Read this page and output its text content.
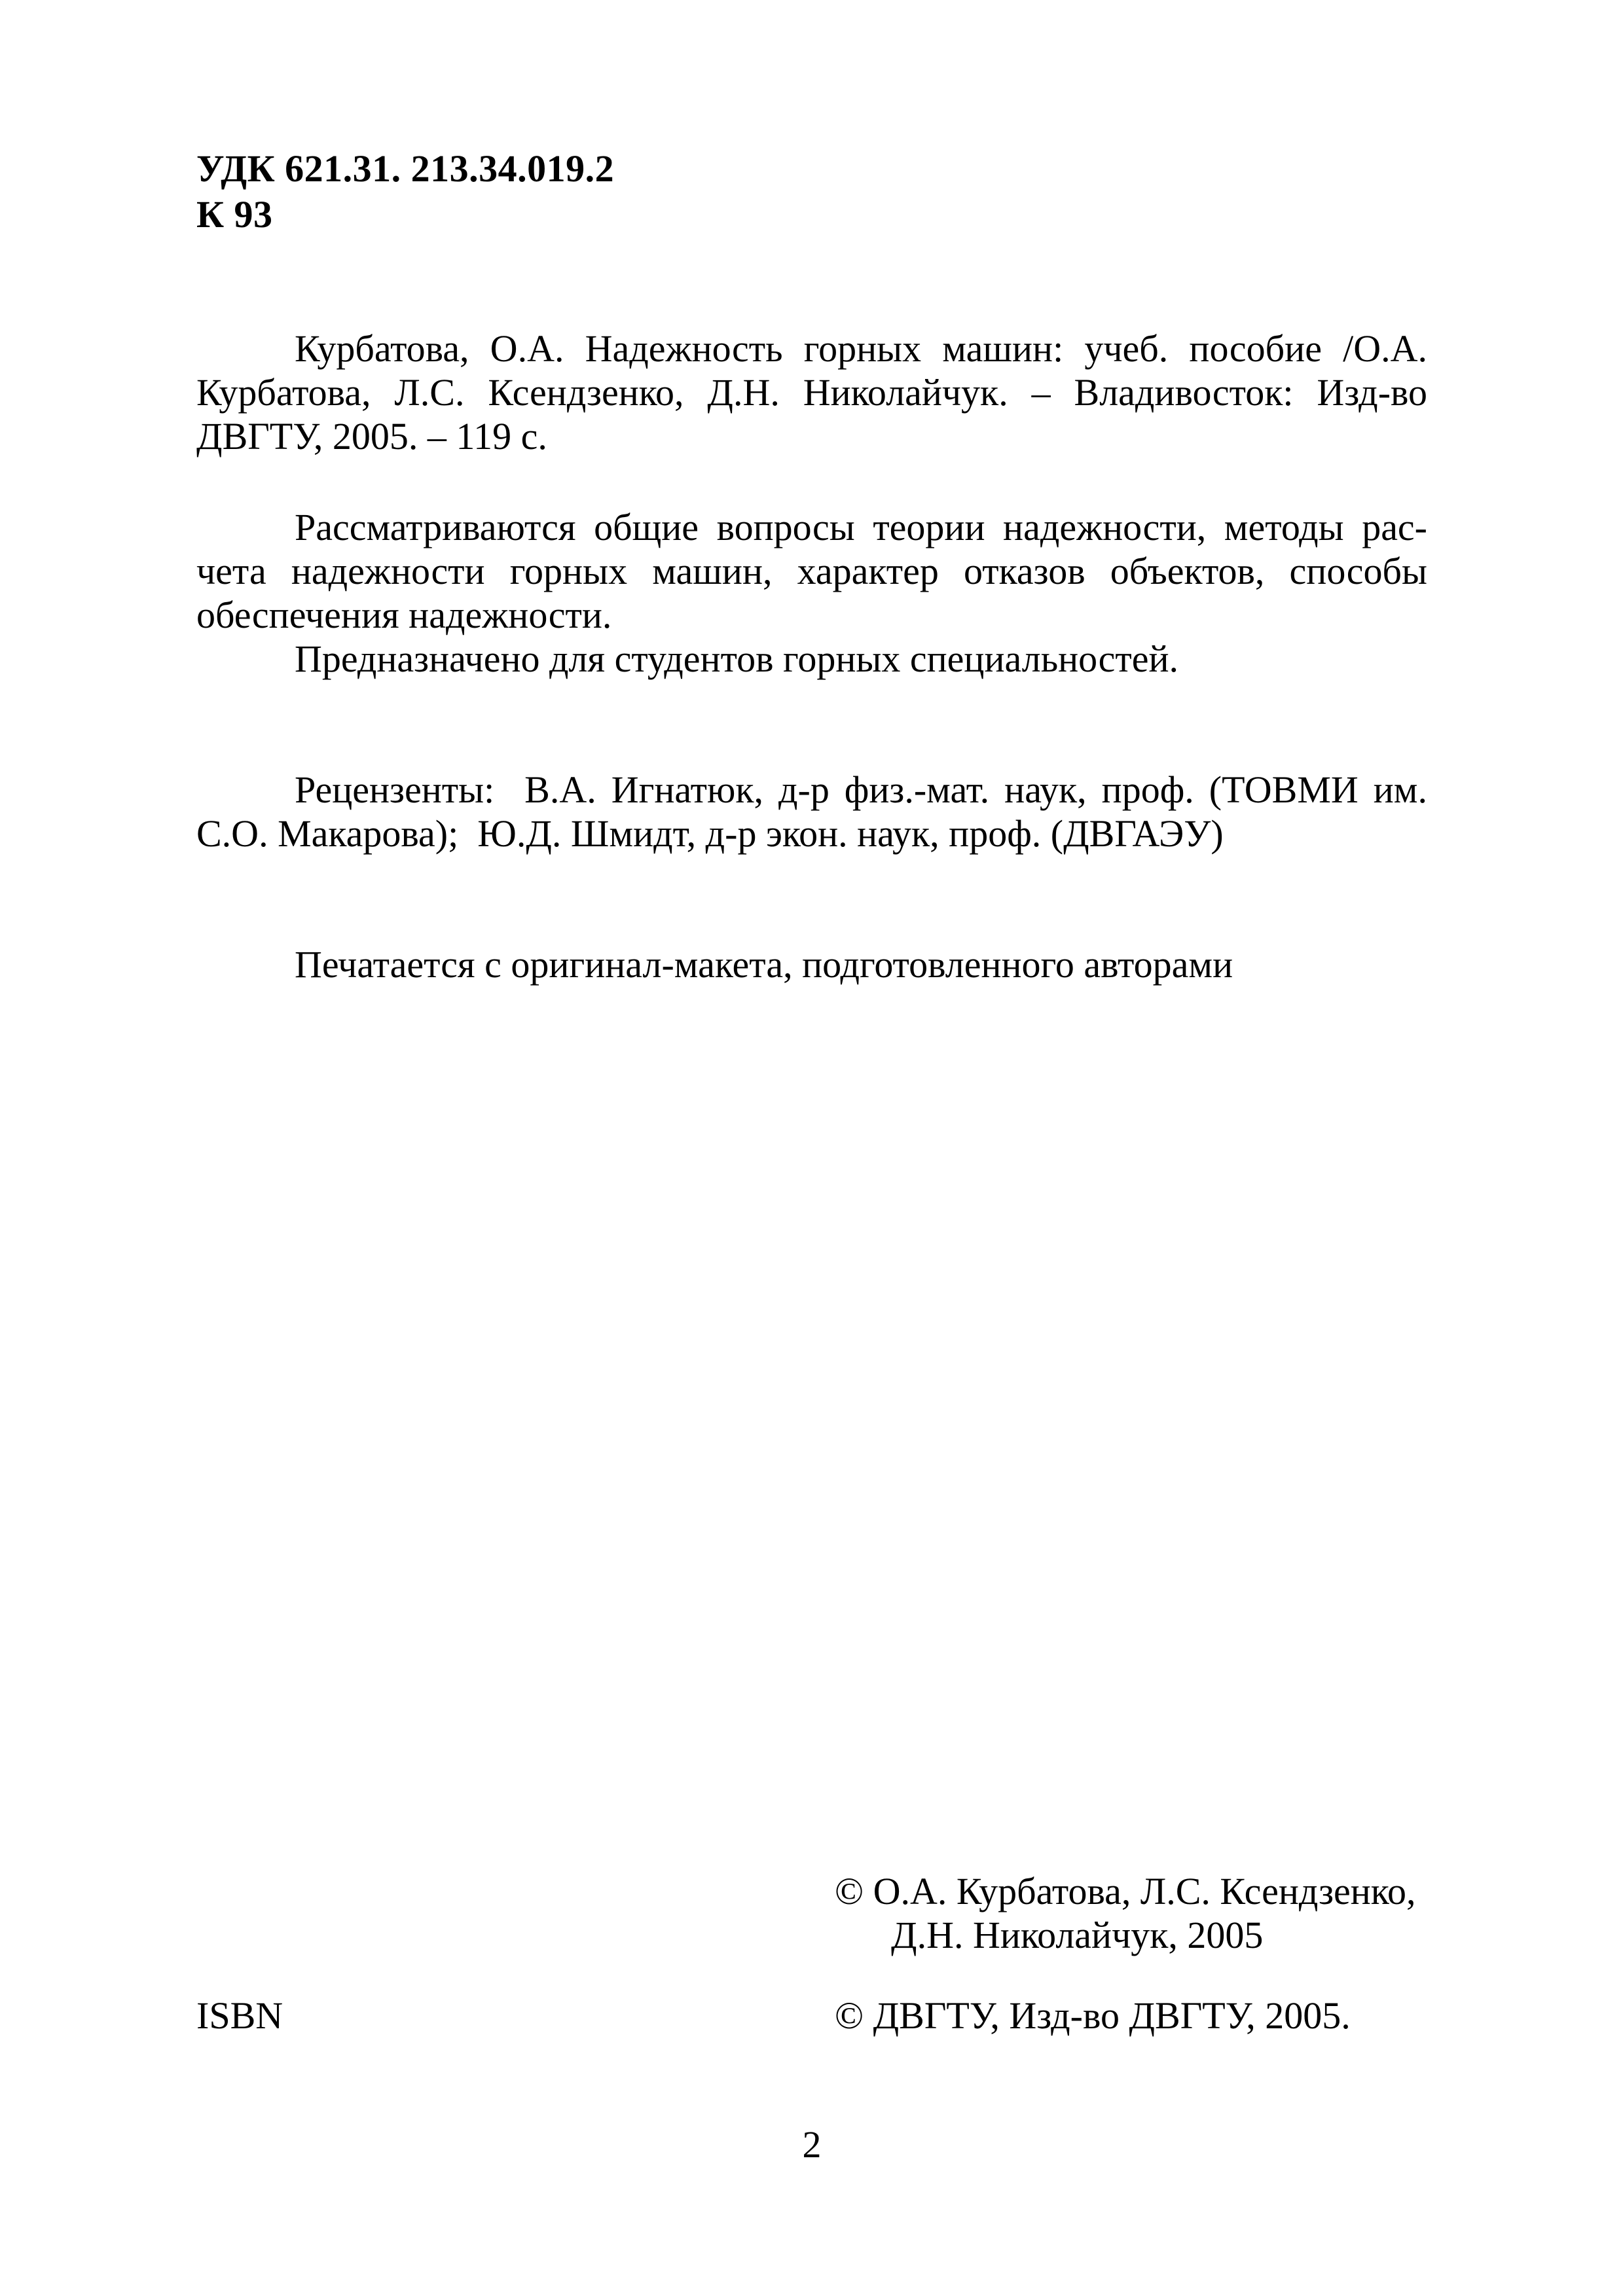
УДК 621.31. 213.34.019.2
К 93
Курбатова, О.А. Надежность горных машин: учеб. пособие /О.А.
Курбатова, Л.С. Ксендзенко, Д.Н. Николайчук. – Владивосток: Изд-во
ДВГТУ, 2005. – 119 с.
Рассматриваются общие вопросы теории надежности, методы рас-
чета надежности горных машин, характер отказов объектов, способы
обеспечения надежности.
Предназначено для студентов горных специальностей.
Рецензенты:  В.А. Игнатюк, д-р физ.-мат. наук, проф. (ТОВМИ им.
С.О. Макарова);  Ю.Д. Шмидт, д-р экон. наук, проф. (ДВГАЭУ)
Печатается с оригинал-макета, подготовленного авторами
© О.А. Курбатова, Л.С. Ксендзенко,
Д.Н. Николайчук, 2005
ISBN	© ДВГТУ, Изд-во ДВГТУ, 2005.
2
